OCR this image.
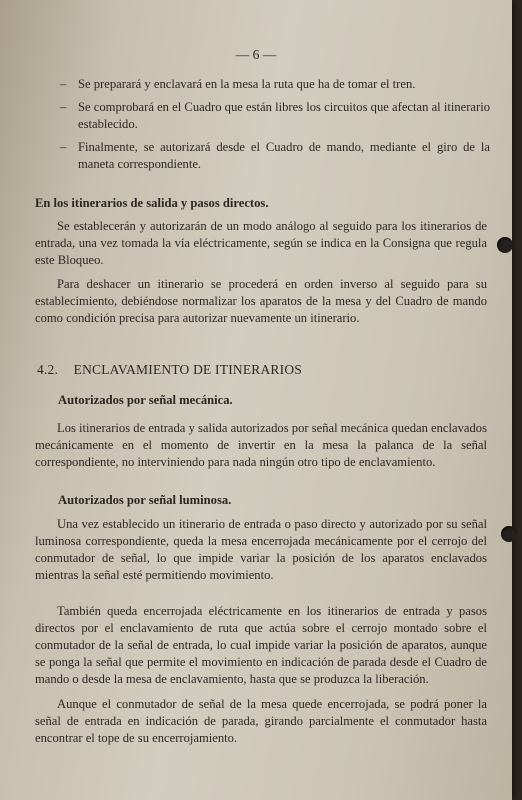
— 6 —
– Se preparará y enclavará en la mesa la ruta que ha de tomar el tren.
– Se comprobará en el Cuadro que están libres los circuitos que afectan al itinerario establecido.
– Finalmente, se autorizará desde el Cuadro de mando, mediante el giro de la maneta correspondiente.

En los itinerarios de salida y pasos directos.

Se establecerán y autorizarán de un modo análogo al seguido para los itinerarios de entrada, una vez tomada la vía eléctricamente, según se indica en la Consigna que regula este Bloqueo.

Para deshacer un itinerario se procederá en orden inverso al seguido para su establecimiento, debiéndose normalizar los aparatos de la mesa y del Cuadro de mando como condición precisa para autorizar nuevamente un itinerario.

4.2. ENCLAVAMIENTO DE ITINERARIOS

Autorizados por señal mecánica.

Los itinerarios de entrada y salida autorizados por señal mecánica quedan enclavados mecánicamente en el momento de invertir en la mesa la palanca de la señal correspondiente, no interviniendo para nada ningún otro tipo de enclavamiento.

Autorizados por señal luminosa.

Una vez establecido un itinerario de entrada o paso directo y autorizado por su señal luminosa correspondiente, queda la mesa encerrojada mecánicamente por el cerrojo del conmutador de señal, lo que impide variar la posición de los aparatos enclavados mientras la señal esté permitiendo movimiento.

También queda encerrojada eléctricamente en los itinerarios de entrada y pasos directos por el enclavamiento de ruta que actúa sobre el cerrojo montado sobre el conmutador de la señal de entrada, lo cual impide variar la posición de aparatos, aunque se ponga la señal que permite el movimiento en indicación de parada desde el Cuadro de mando o desde la mesa de enclavamiento, hasta que se produzca la liberación.

Aunque el conmutador de señal de la mesa quede encerrojada, se podrá poner la señal de entrada en indicación de parada, girando parcialmente el conmutador hasta encontrar el tope de su encerrojamiento.
